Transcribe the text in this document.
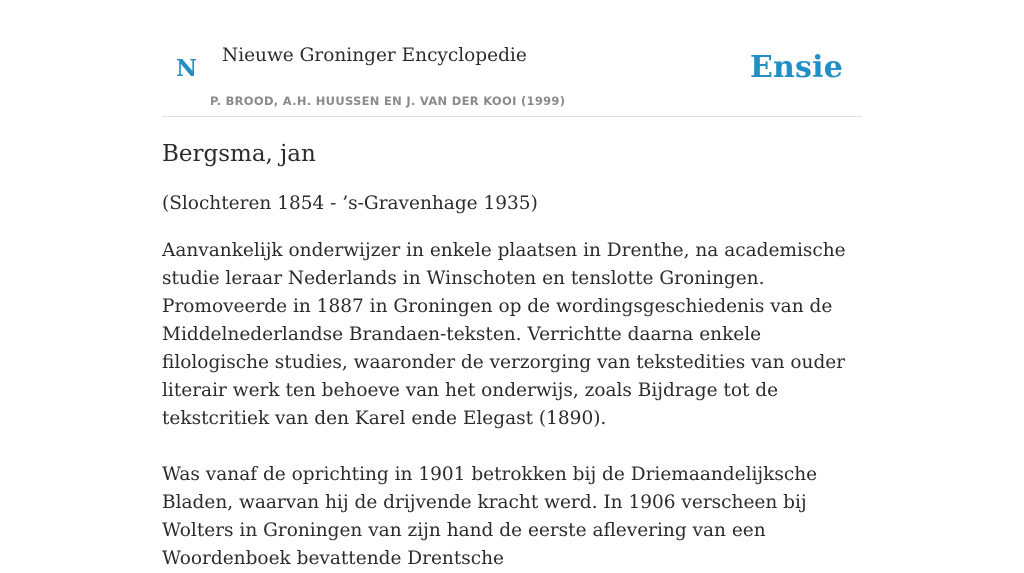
N Nieuwe Groninger Encyclopedie
P. BROOD, A.H. HUUSSEN EN J. VAN DER KOOI (1999)
Ensie
Bergsma, jan

(Slochteren 1854 - ’s-Gravenhage 1935)

Aanvankelijk onderwijzer in enkele plaatsen in Drenthe, na academische studie leraar Nederlands in Winschoten en tenslotte Groningen. Promoveerde in 1887 in Groningen op de wordingsgeschiedenis van de Middelnederlandse Brandaen-teksten. Verrichtte daarna enkele filologische studies, waaronder de verzorging van tekstedities van ouder literair werk ten behoeve van het onderwijs, zoals Bijdrage tot de tekstcritiek van den Karel ende Elegast (1890).

Was vanaf de oprichting in 1901 betrokken bij de Driemaandelijksche Bladen, waarvan hij de drijvende kracht werd. In 1906 verscheen bij Wolters in Groningen van zijn hand de eerste aflevering van een Woordenboek bevattende Drentsche
